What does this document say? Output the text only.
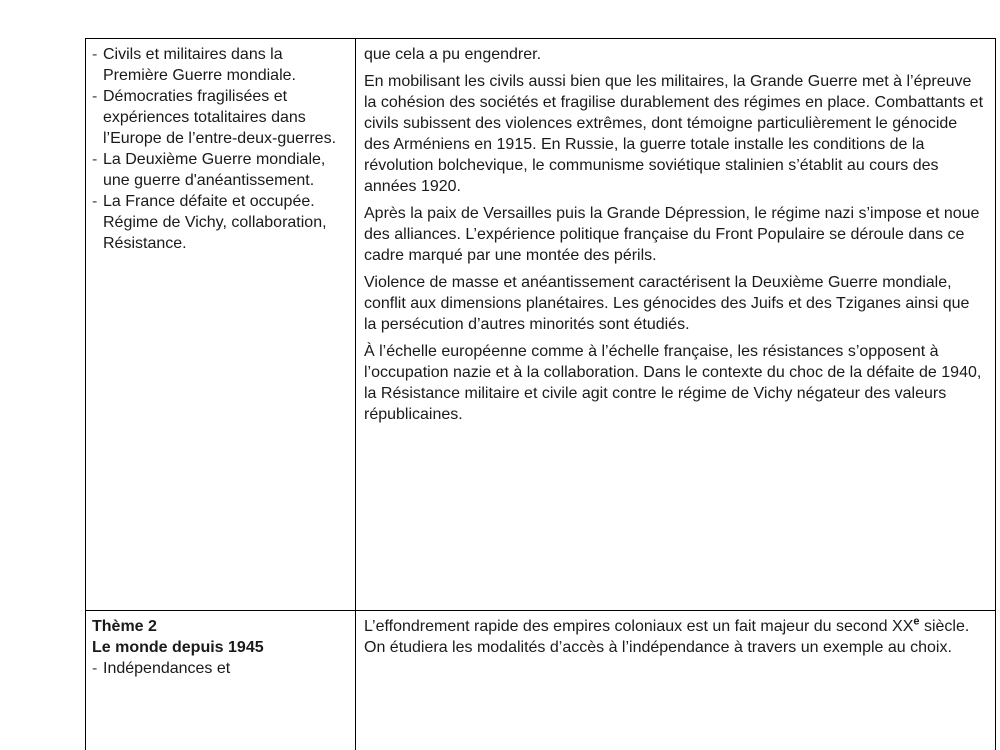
- Civils et militaires dans la Première Guerre mondiale.
- Démocraties fragilisées et expériences totalitaires dans l’Europe de l’entre-deux-guerres.
- La Deuxième Guerre mondiale, une guerre d'anéantissement.
- La France défaite et occupée. Régime de Vichy, collaboration, Résistance.

que cela a pu engendrer.

En mobilisant les civils aussi bien que les militaires, la Grande Guerre met à l’épreuve la cohésion des sociétés et fragilise durablement des régimes en place. Combattants et civils subissent des violences extrêmes, dont témoigne particulièrement le génocide des Arméniens en 1915. En Russie, la guerre totale installe les conditions de la révolution bolchevique, le communisme soviétique stalinien s’établit au cours des années 1920.

Après la paix de Versailles puis la Grande Dépression, le régime nazi s’impose et noue des alliances. L’expérience politique française du Front Populaire se déroule dans ce cadre marqué par une montée des périls.

Violence de masse et anéantissement caractérisent la Deuxième Guerre mondiale, conflit aux dimensions planétaires. Les génocides des Juifs et des Tziganes ainsi que la persécution d’autres minorités sont étudiés.

À l’échelle européenne comme à l’échelle française, les résistances s’opposent à l’occupation nazie et à la collaboration. Dans le contexte du choc de la défaite de 1940, la Résistance militaire et civile agit contre le régime de Vichy négateur des valeurs républicaines.

Thème 2
Le monde depuis 1945
- Indépendances et

L’effondrement rapide des empires coloniaux est un fait majeur du second XXe siècle. On étudiera les modalités d’accès à l’indépendance à travers un exemple au choix.
